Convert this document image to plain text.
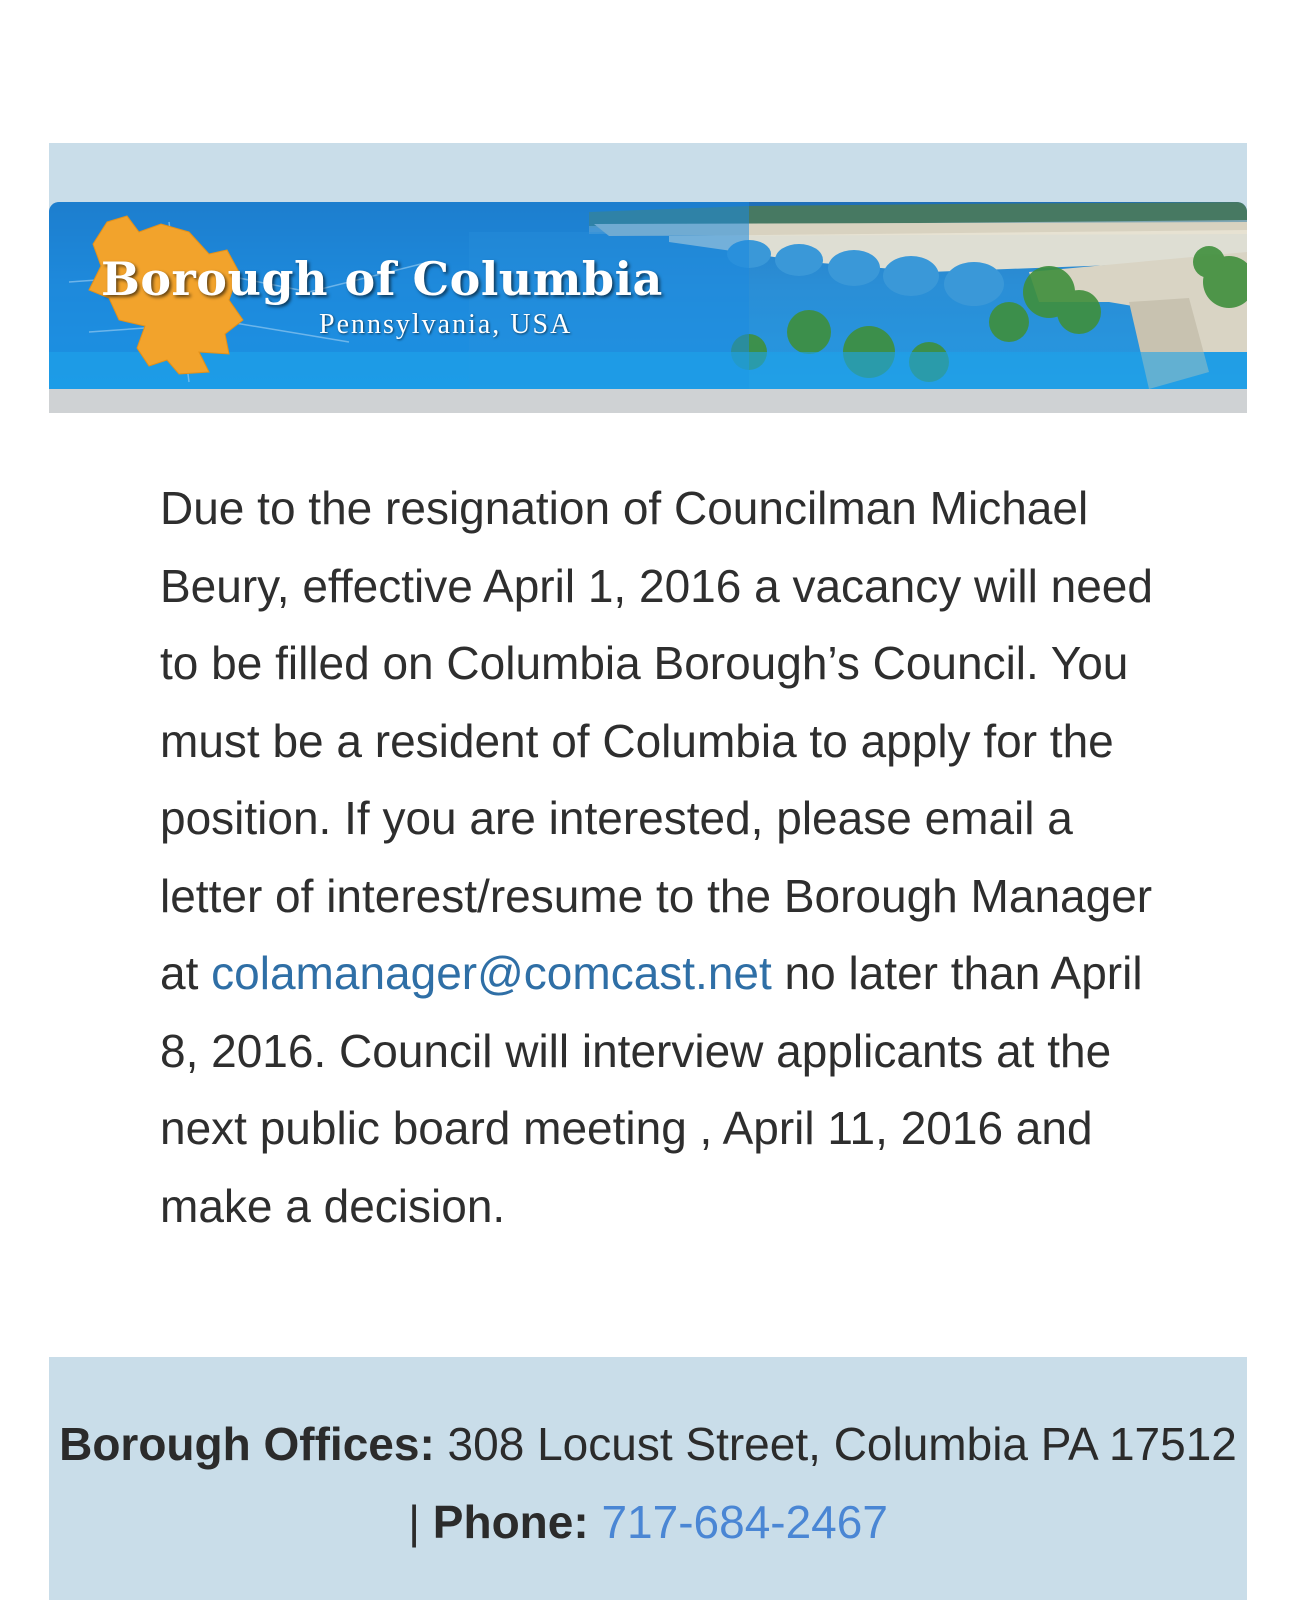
Borough of Columbia
Pennsylvania, USA

Due to the resignation of Councilman Michael Beury, effective April 1, 2016 a vacancy will need to be filled on Columbia Borough’s Council. You must be a resident of Columbia to apply for the position. If you are interested, please email a letter of interest/resume to the Borough Manager at colamanager@comcast.net no later than April 8, 2016. Council will interview applicants at the next public board meeting , April 11, 2016 and make a decision.

Borough Offices: 308 Locust Street, Columbia PA 17512 | Phone: 717-684-2467
